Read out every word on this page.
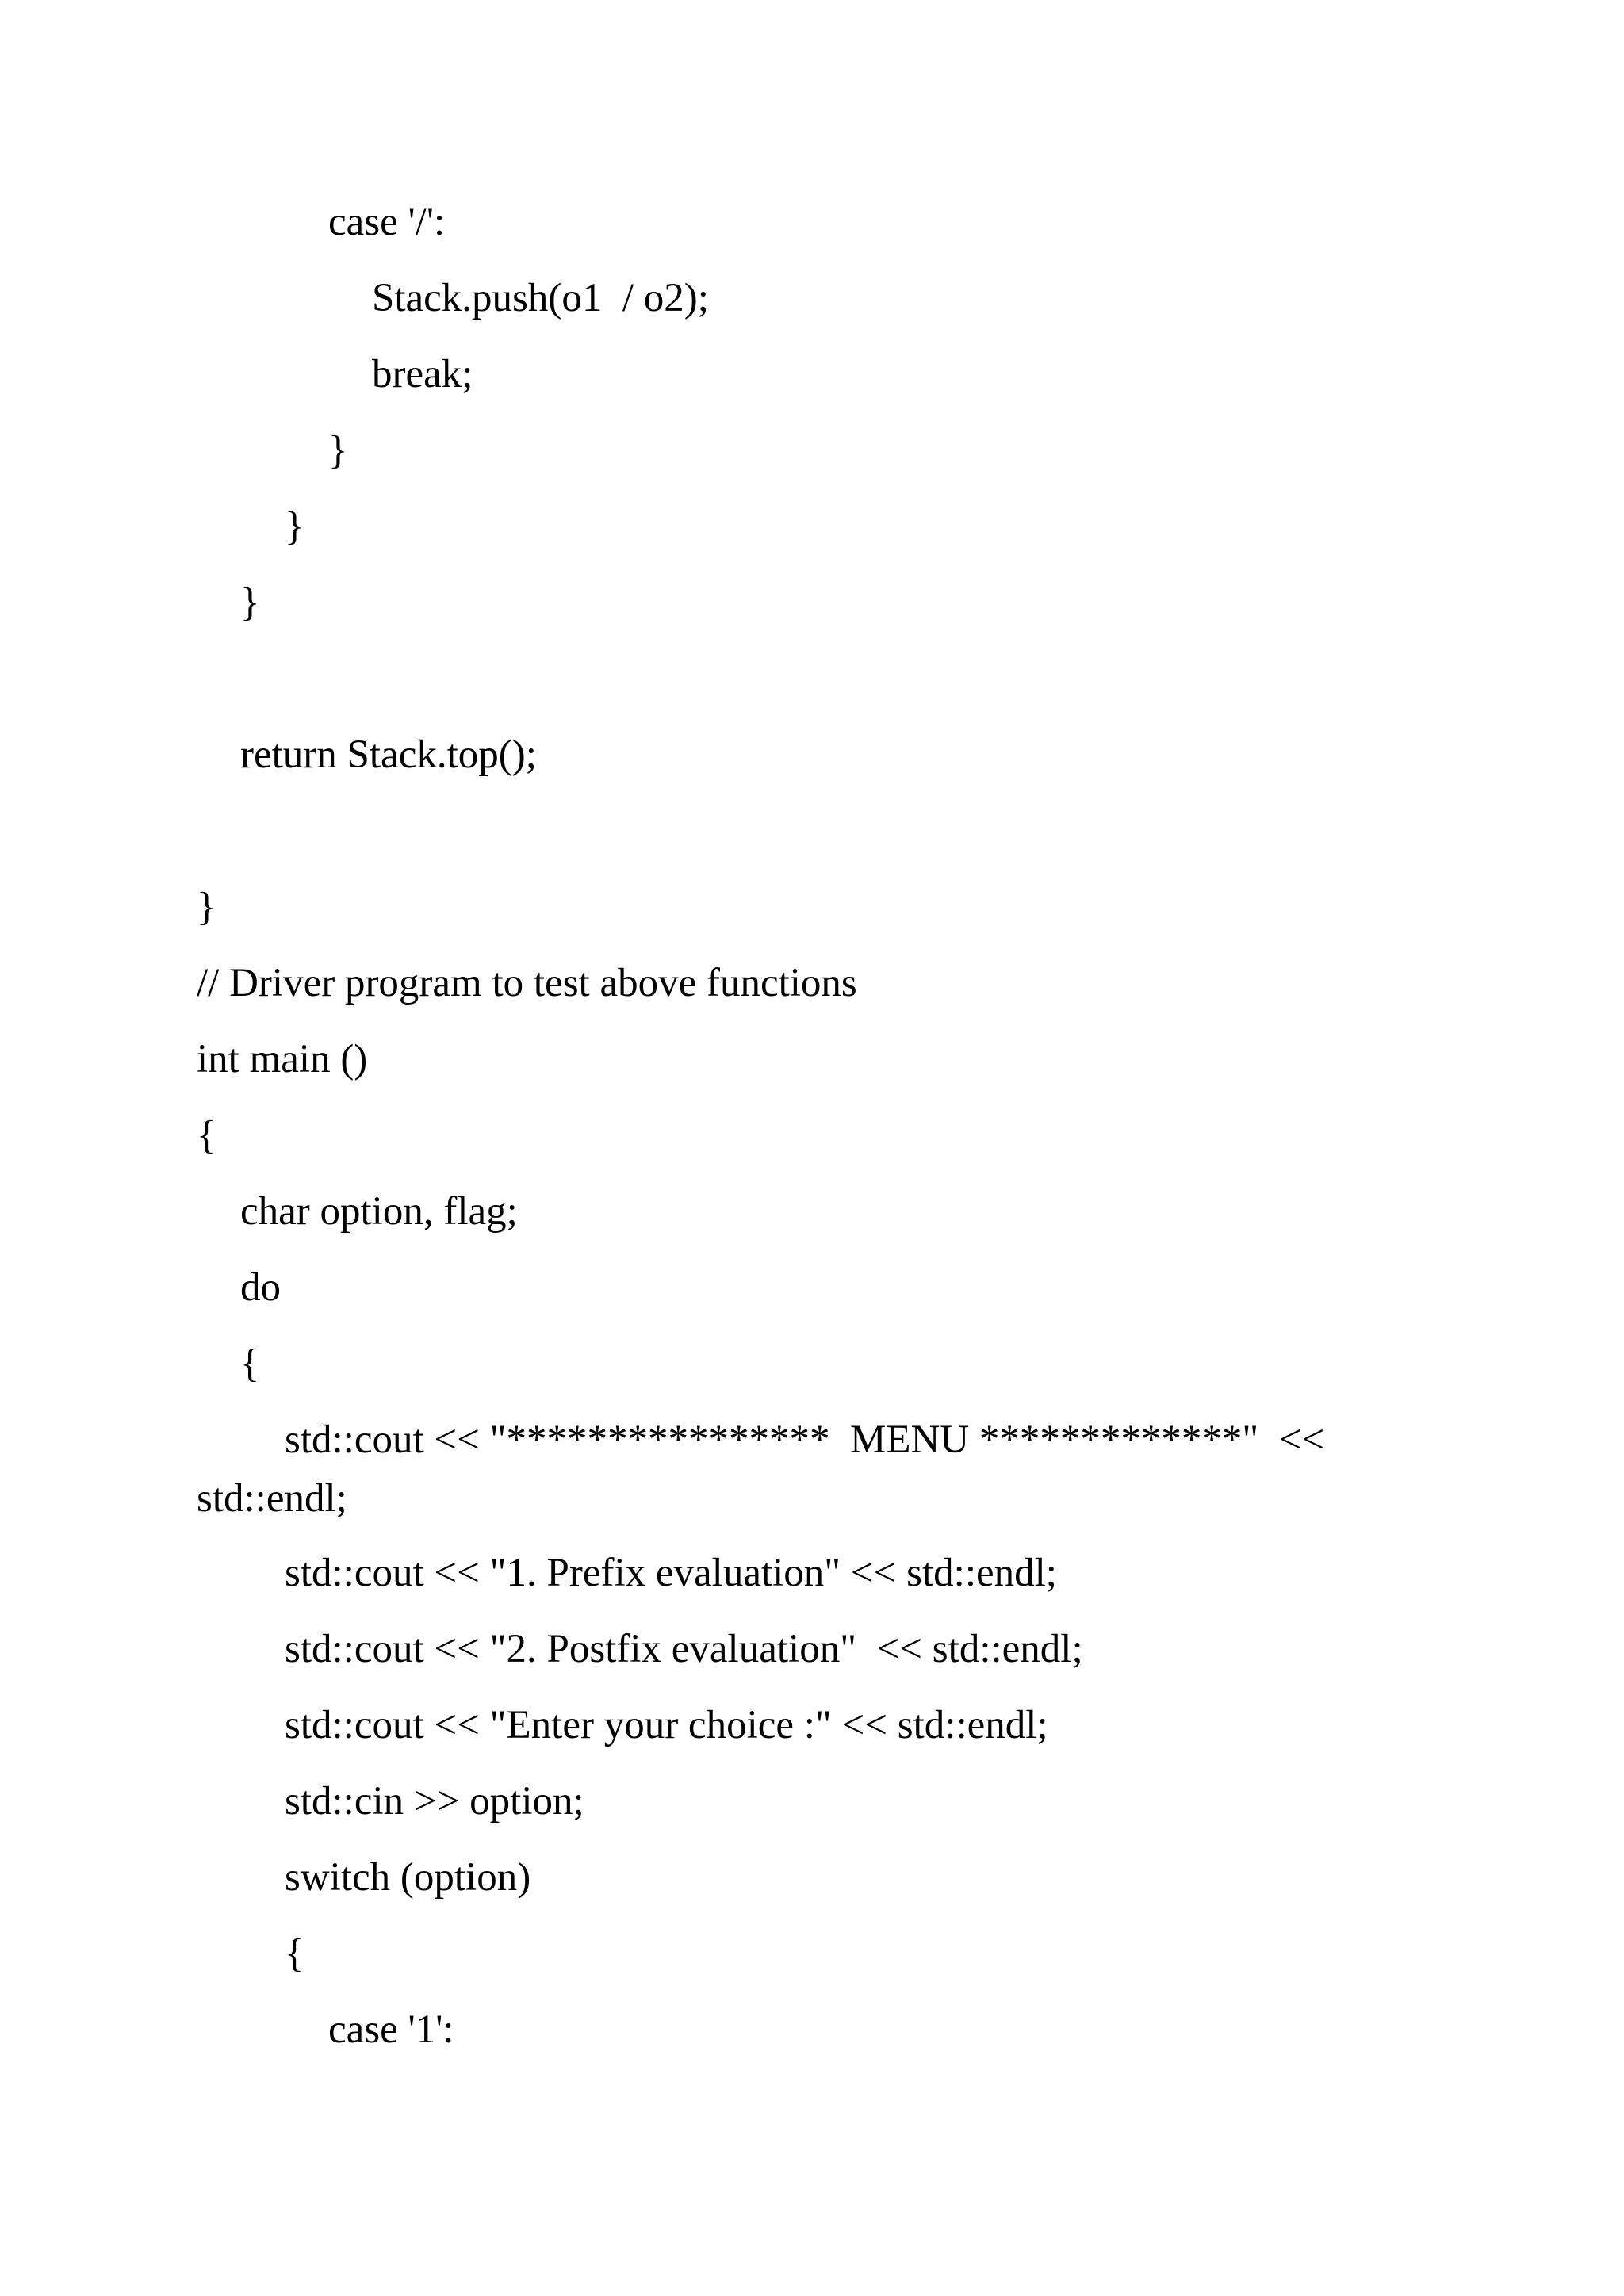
case '/':
Stack.push(o1  / o2);
break;
}
}
}
return Stack.top();
}
// Driver program to test above functions
int main ()
{
char option, flag;
do
{
std::cout << "****************  MENU *************"  <<
std::endl;
std::cout << "1. Prefix evaluation" << std::endl;
std::cout << "2. Postfix evaluation"  << std::endl;
std::cout << "Enter your choice :" << std::endl;
std::cin >> option;
switch (option)
{
case '1':
